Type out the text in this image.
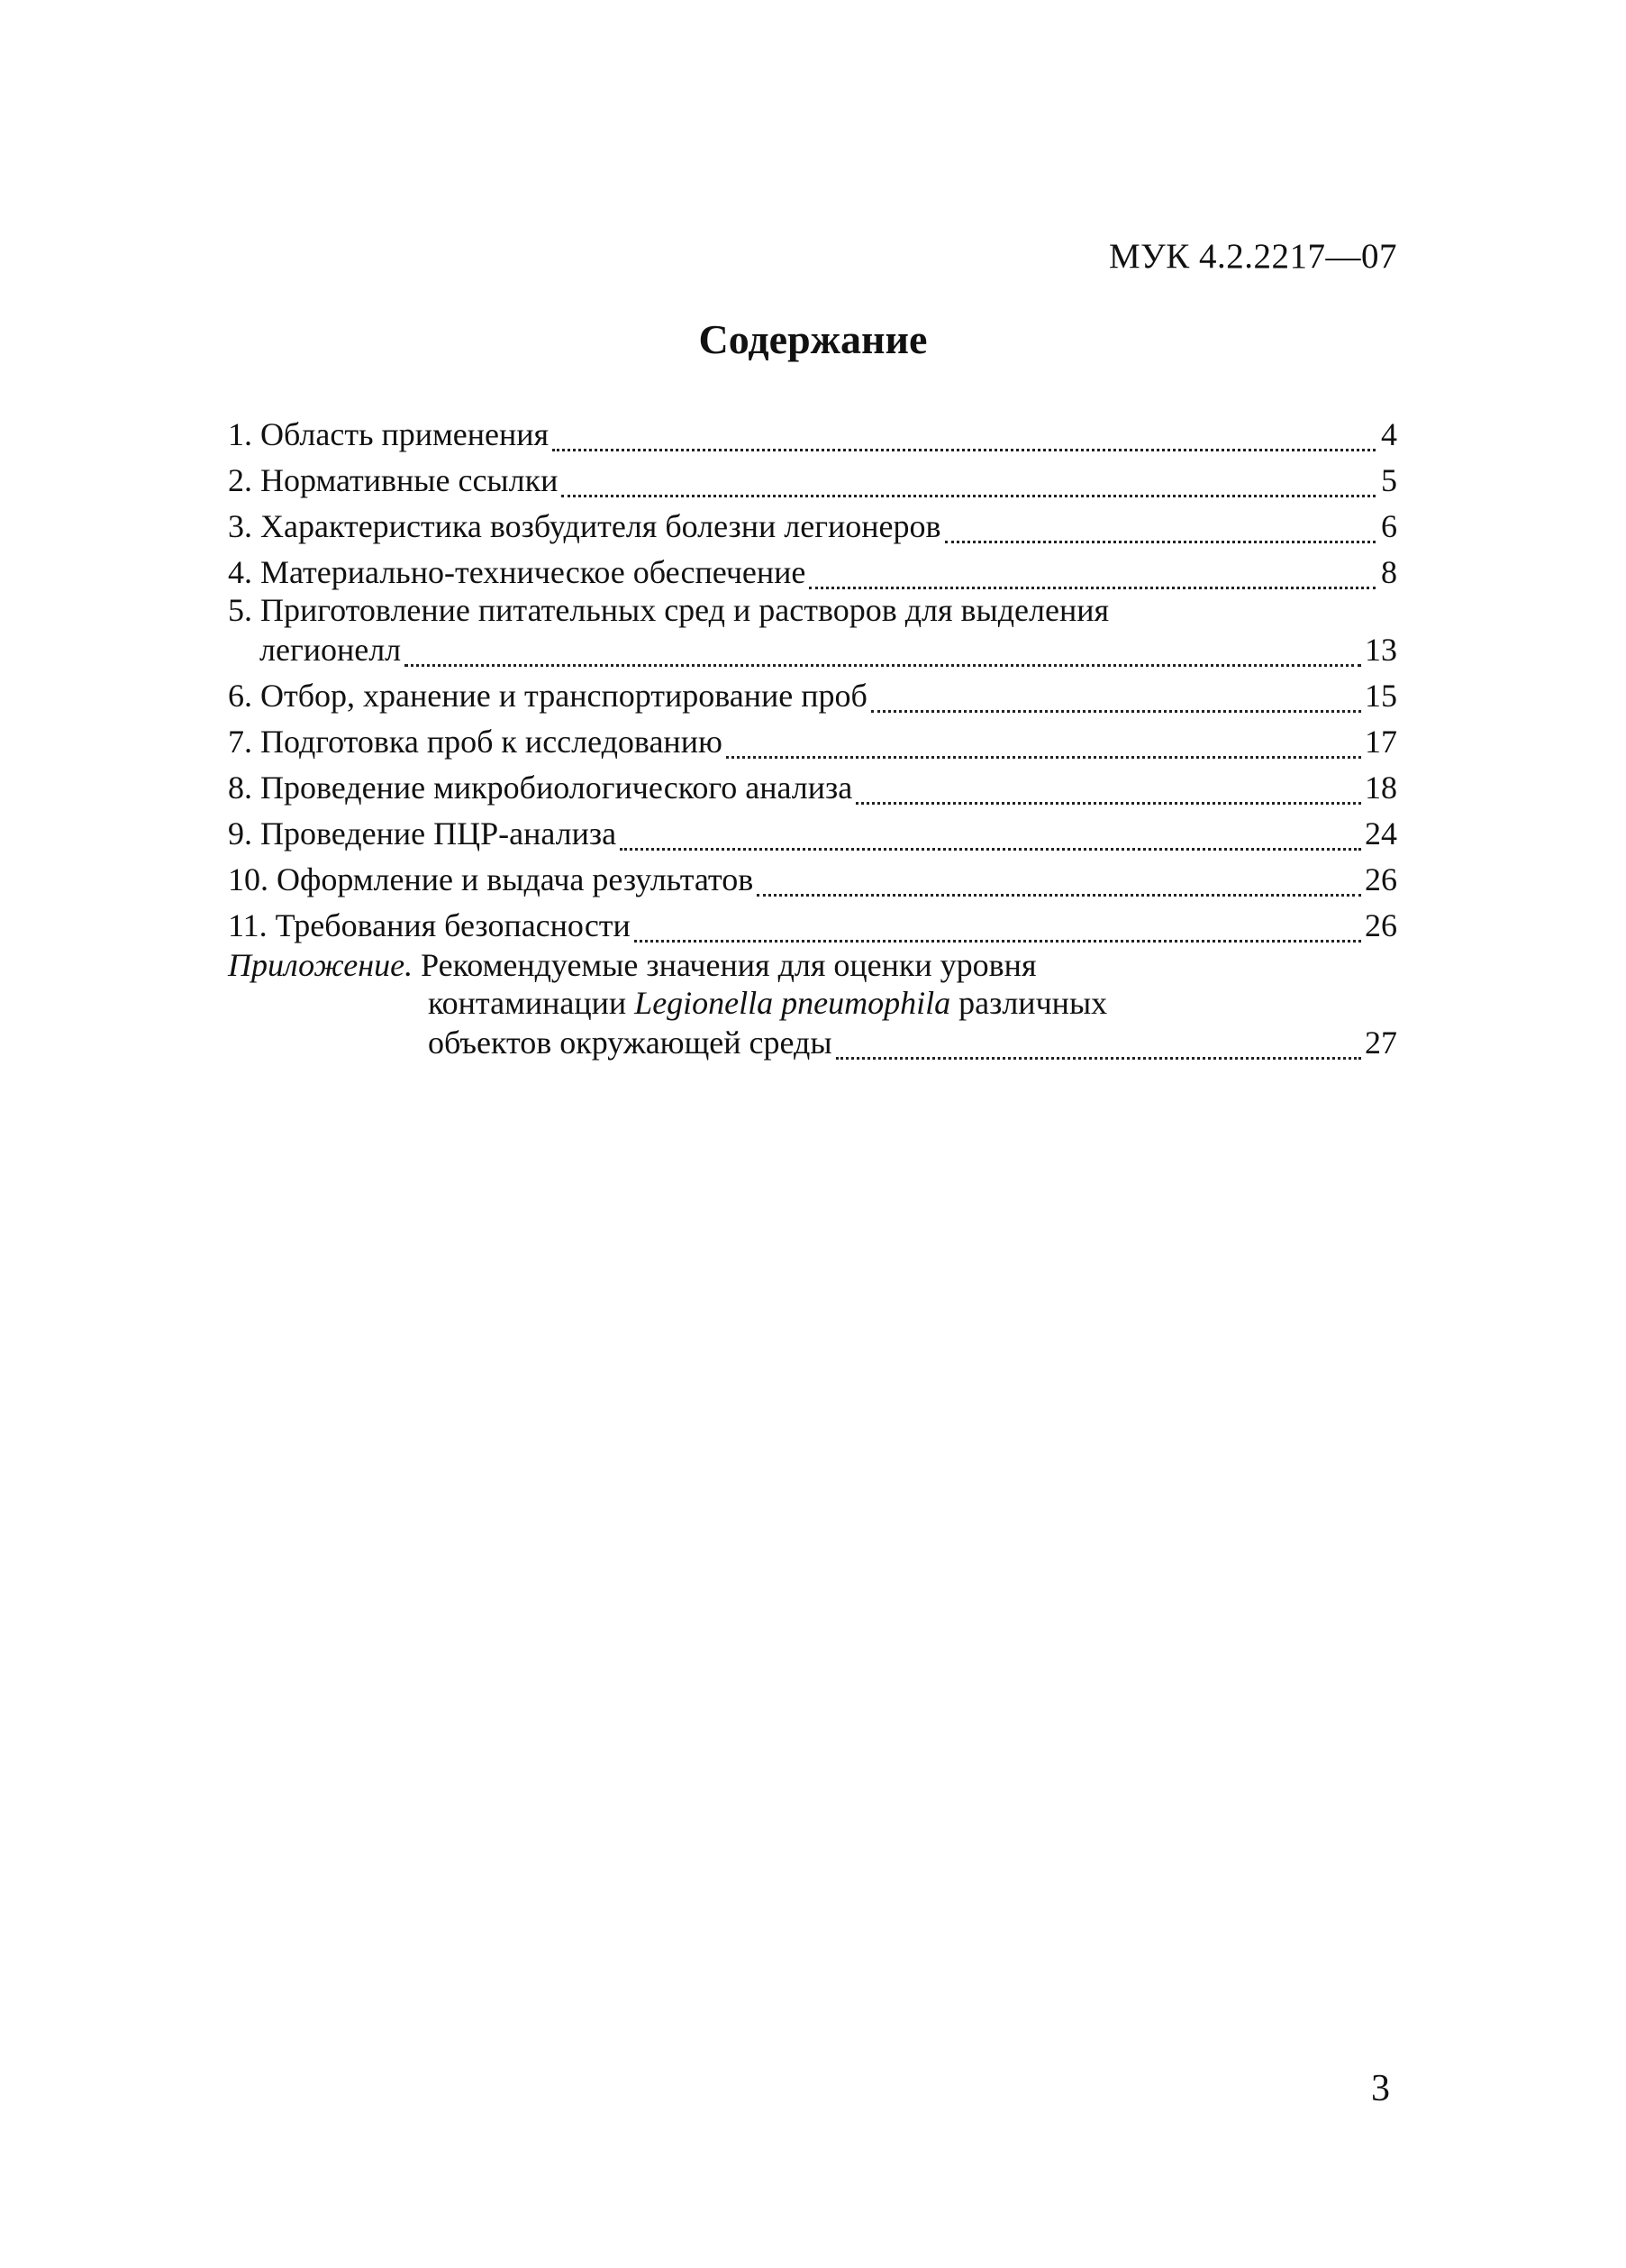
МУК 4.2.2217—07
Содержание
1. Область применения	4
2. Нормативные ссылки	5
3. Характеристика возбудителя болезни легионеров	6
4. Материально-техническое обеспечение	8
5. Приготовление питательных сред и растворов для выделения
легионелл	13
6. Отбор, хранение и транспортирование проб	15
7. Подготовка проб к исследованию	17
8. Проведение микробиологического анализа	18
9. Проведение ПЦР-анализа	24
10. Оформление и выдача результатов	26
11. Требования безопасности	26
Приложение. Рекомендуемые значения для оценки уровня
контаминации Legionella pneumophila различных
объектов окружающей среды	27
3
